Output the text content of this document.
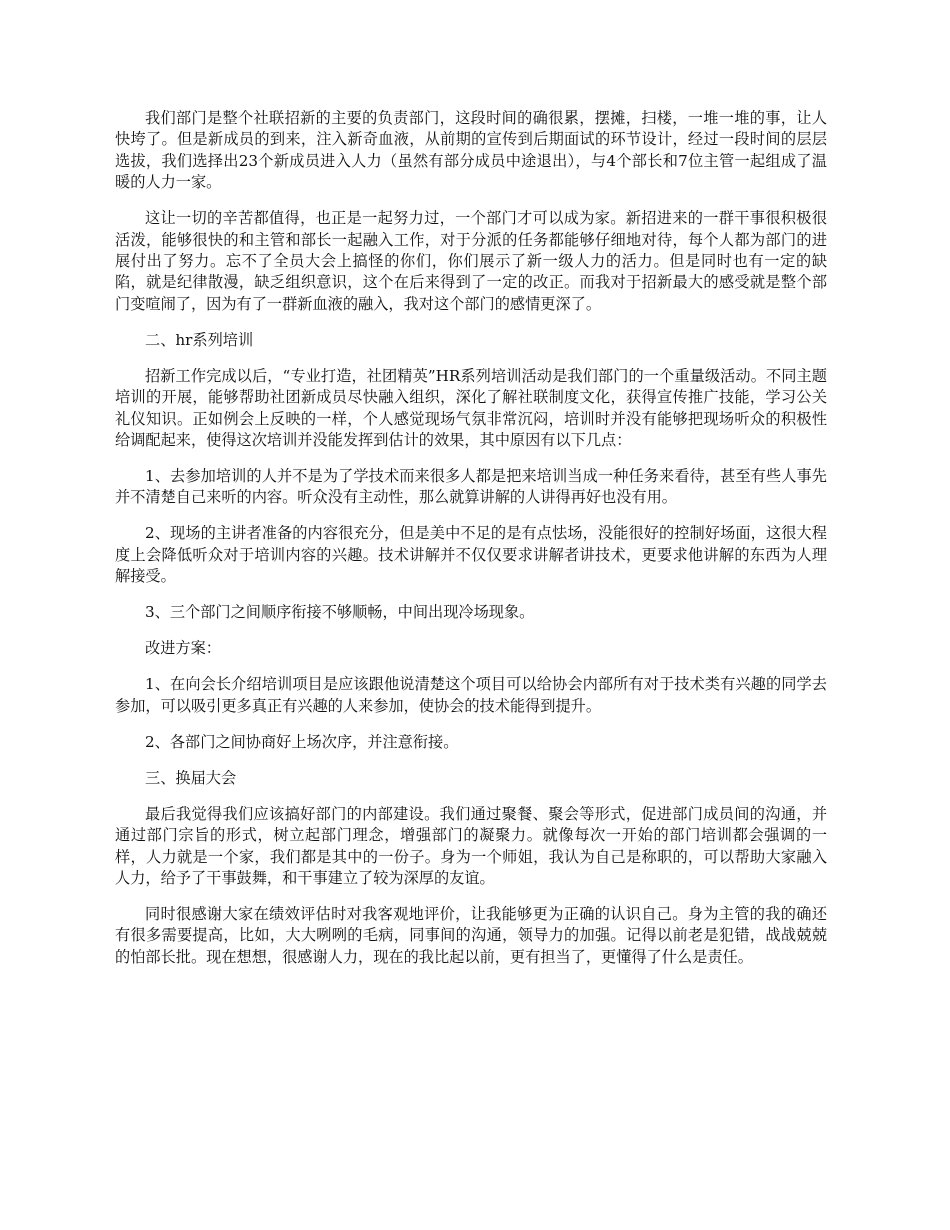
我们部门是整个社联招新的主要的负责部门，这段时间的确很累，摆摊，扫楼，一堆一堆的事，让人快垮了。但是新成员的到来，注入新奇血液，从前期的宣传到后期面试的环节设计，经过一段时间的层层选拔，我们选择出23个新成员进入人力（虽然有部分成员中途退出），与4个部长和7位主管一起组成了温暖的人力一家。

这让一切的辛苦都值得，也正是一起努力过，一个部门才可以成为家。新招进来的一群干事很积极很活泼，能够很快的和主管和部长一起融入工作，对于分派的任务都能够仔细地对待，每个人都为部门的进展付出了努力。忘不了全员大会上搞怪的你们，你们展示了新一级人力的活力。但是同时也有一定的缺陷，就是纪律散漫，缺乏组织意识，这个在后来得到了一定的改正。而我对于招新最大的感受就是整个部门变喧闹了，因为有了一群新血液的融入，我对这个部门的感情更深了。

二、hr系列培训

招新工作完成以后，“专业打造，社团精英”HR系列培训活动是我们部门的一个重量级活动。不同主题培训的开展，能够帮助社团新成员尽快融入组织，深化了解社联制度文化，获得宣传推广技能，学习公关礼仪知识。正如例会上反映的一样，个人感觉现场气氛非常沉闷，培训时并没有能够把现场听众的积极性给调配起来，使得这次培训并没能发挥到估计的效果，其中原因有以下几点：

1、去参加培训的人并不是为了学技术而来很多人都是把来培训当成一种任务来看待，甚至有些人事先并不清楚自己来听的内容。听众没有主动性，那么就算讲解的人讲得再好也没有用。

2、现场的主讲者准备的内容很充分，但是美中不足的是有点怯场，没能很好的控制好场面，这很大程度上会降低听众对于培训内容的兴趣。技术讲解并不仅仅要求讲解者讲技术，更要求他讲解的东西为人理解接受。

3、三个部门之间顺序衔接不够顺畅，中间出现冷场现象。

改进方案：

1、在向会长介绍培训项目是应该跟他说清楚这个项目可以给协会内部所有对于技术类有兴趣的同学去参加，可以吸引更多真正有兴趣的人来参加，使协会的技术能得到提升。

2、各部门之间协商好上场次序，并注意衔接。

三、换届大会

最后我觉得我们应该搞好部门的内部建设。我们通过聚餐、聚会等形式，促进部门成员间的沟通，并通过部门宗旨的形式，树立起部门理念，增强部门的凝聚力。就像每次一开始的部门培训都会强调的一样，人力就是一个家，我们都是其中的一份子。身为一个师姐，我认为自己是称职的，可以帮助大家融入人力，给予了干事鼓舞，和干事建立了较为深厚的友谊。

同时很感谢大家在绩效评估时对我客观地评价，让我能够更为正确的认识自己。身为主管的我的确还有很多需要提高，比如，大大咧咧的毛病，同事间的沟通，领导力的加强。记得以前老是犯错，战战兢兢的怕部长批。现在想想，很感谢人力，现在的我比起以前，更有担当了，更懂得了什么是责任。
